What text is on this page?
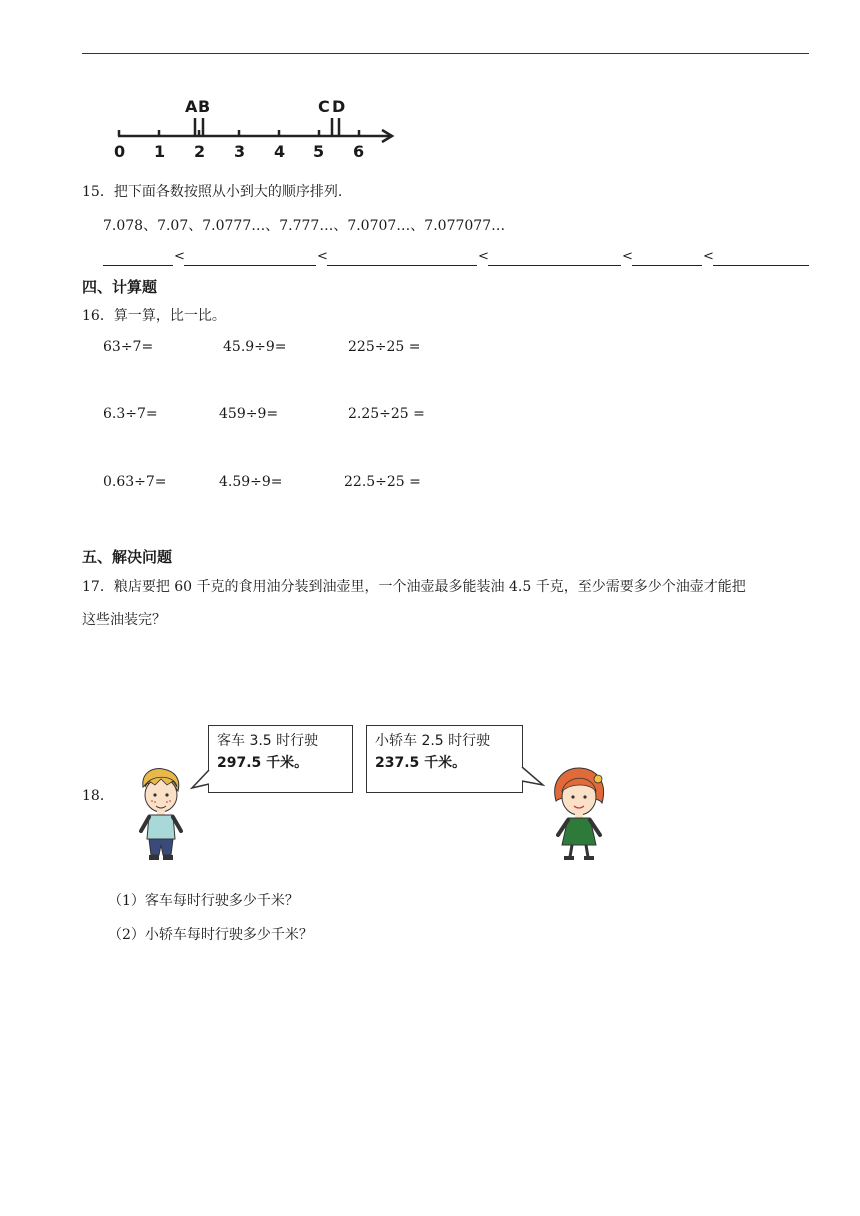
A B	C D
0 1 2 3 4 5 6
15．把下面各数按照从小到大的顺序排列.
7.078、7.07、7.0777…、7.777…、7.0707…、7.077077…
<	<	<	<	<
四、计算题
16．算一算，比一比。
63÷7=	45.9÷9=	225÷25 =
6.3÷7=	459÷9=	2.25÷25 =
0.63÷7=	4.59÷9=	22.5÷25 =
五、解决问题
17．粮店要把 60 千克的食用油分装到油壶里，一个油壶最多能装油 4.5 千克，至少需要多少个油壶才能把
这些油装完？
18．
客车 3.5 时行驶
297.5 千米。
小轿车 2.5 时行驶
237.5 千米。
（1）客车每时行驶多少千米？
（2）小轿车每时行驶多少千米？
